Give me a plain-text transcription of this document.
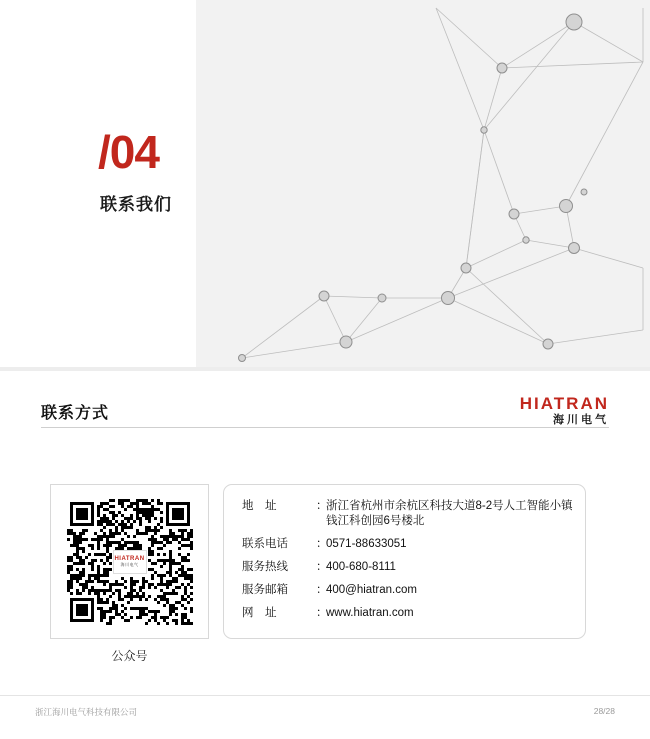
/04
联系我们
联系方式
HIATRAN
海川电气
HIATRAN
海川电气
公众号
地　址	：
浙江省杭州市余杭区科技大道8-2号人工智能小镇
钱江科创园6号楼北
联系电话	：
0571-88633051
服务热线	：
400-680-8111
服务邮箱	：
400@hiatran.com
网　址	：
www.hiatran.com
浙江海川电气科技有限公司	28/28
